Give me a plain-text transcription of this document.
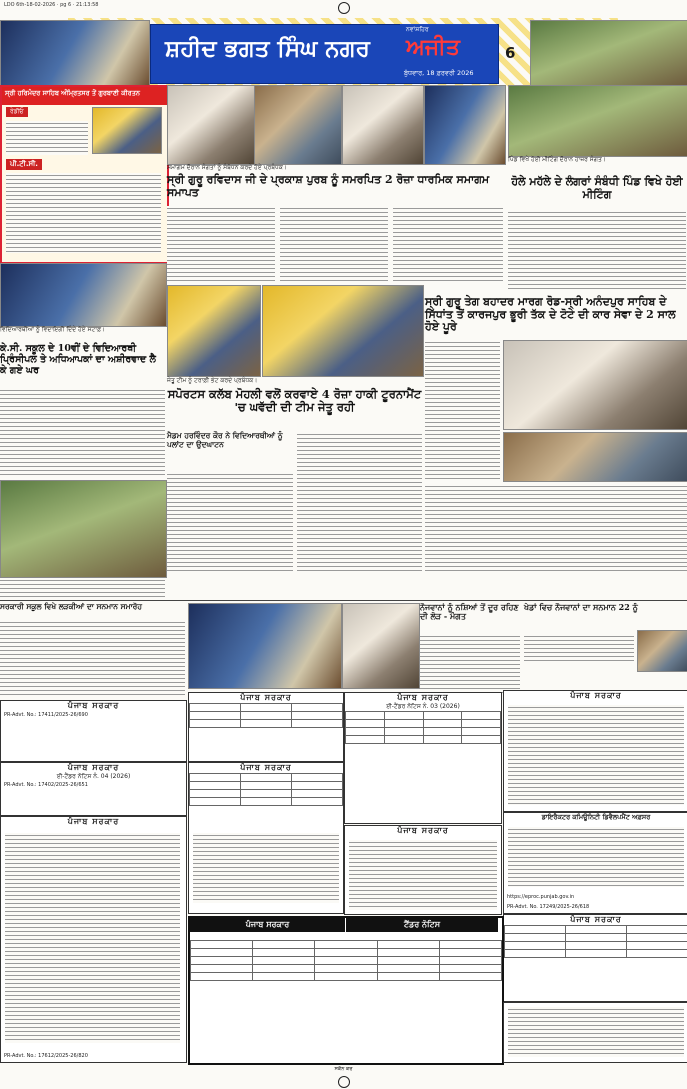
LDO 6th-18-02-2026 · pg 6 · 21:13:58
ਸ਼ਹੀਦ ਭਗਤ ਸਿੰਘ ਨਗਰ
ਨਵਾਂਸ਼ਹਿਰ
ਅਜੀਤ
ਬੁੱਧਵਾਰ, 18 ਫ਼ਰਵਰੀ 2026
6
ਸ੍ਰੀ ਹਰਿਮੰਦਰ ਸਾਹਿਬ ਅੰਮ੍ਰਿਤਸਰ ਤੋਂ ਗੁਰਬਾਣੀ ਕੀਰਤਨ
ਰੇਡੀਓ
ਪੀ.ਟੀ.ਸੀ.	ਸਮਾਗਮ ਦੌਰਾਨ ਸੰਗਤਾਂ ਨੂੰ ਸੰਬੋਧਨ ਕਰਦੇ ਹੋਏ ਪ੍ਰਬੰਧਕ।
ਪਿੰਡ ਵਿਖੇ ਹੋਈ ਮੀਟਿੰਗ ਦੌਰਾਨ ਹਾਜ਼ਰ ਸੰਗਤ।
ਸ੍ਰੀ ਗੁਰੂ ਰਵਿਦਾਸ ਜੀ ਦੇ ਪ੍ਰਕਾਸ਼ ਪੁਰਬ ਨੂੰ ਸਮਰਪਿਤ 2 ਰੋਜ਼ਾ ਧਾਰਮਿਕ ਸਮਾਗਮ ਸਮਾਪਤ
ਹੋਲੇ ਮਹੱਲੇ ਦੇ ਲੰਗਰਾਂ ਸੰਬੰਧੀ ਪਿੰਡ ਵਿਖੇ ਹੋਈ ਮੀਟਿੰਗ
ਵਿਦਿਆਰਥੀਆਂ ਨੂੰ ਵਿਦਾਇਗੀ ਦਿੰਦੇ ਹੋਏ ਸਟਾਫ਼।
ਕੇ.ਸੀ. ਸਕੂਲ ਦੇ 10ਵੀਂ ਦੇ ਵਿਦਿਆਰਥੀ ਪ੍ਰਿੰਸੀਪਲ ਤੇ ਅਧਿਆਪਕਾਂ ਦਾ ਅਸ਼ੀਰਵਾਦ ਲੈ ਕੇ ਗਏ ਘਰ
ਜੇਤੂ ਟੀਮ ਨੂੰ ਟਰਾਫ਼ੀ ਭੇਟ ਕਰਦੇ ਪ੍ਰਬੰਧਕ।
ਸ੍ਰੀ ਗੁਰੂ ਤੇਗ ਬਹਾਦਰ ਮਾਰਗ ਰੋਡ-ਸ੍ਰੀ ਅਨੰਦਪੁਰ ਸਾਹਿਬ ਦੇ ਸਿੱਧਾਂਤ ਤੋਂ ਕਾਰਜਪੁਰ ਭੂਰੀ ਤੱਕ ਦੇ ਟੋਟੇ ਦੀ ਕਾਰ ਸੇਵਾ ਦੇ 2 ਸਾਲ ਹੋਏ ਪੂਰੇ
ਸਪੋਰਟਸ ਕਲੱਬ ਮੋਹਲੀ ਵਲੋਂ ਕਰਵਾਏ 4 ਰੋਜ਼ਾ ਹਾਕੀ ਟੂਰਨਾਮੈਂਟ 'ਚ ਘਵੱਦੀ ਦੀ ਟੀਮ ਜੇਤੂ ਰਹੀ
ਮੈਡਮ ਹਰਵਿੰਦਰ ਕੌਰ ਨੇ ਵਿਦਿਆਰਥੀਆਂ ਨੂੰ ਪਲਾਂਟ ਦਾ ਉਦਘਾਟਨ
ਸਰਕਾਰੀ ਸਕੂਲ ਵਿਖੇ ਲੜਕੀਆਂ ਦਾ ਸਨਮਾਨ ਸਮਾਰੋਹ	ਨੌਜਵਾਨਾਂ ਨੂੰ ਨਸ਼ਿਆਂ ਤੋਂ ਦੂਰ ਰਹਿਣ ਦੀ ਲੋੜ - ਮੰਗਤ
ਖੇਡਾਂ ਵਿਚ ਨੌਜਵਾਨਾਂ ਦਾ ਸਨਮਾਨ 22 ਨੂੰ
ਪੰਜਾਬ ਸਰਕਾਰ
PR-Advt. No.: 17411/2025-26/690
ਪੰਜਾਬ ਸਰਕਾਰ
ਈ-ਟੈਂਡਰ ਨੋਟਿਸ ਨੰ. 04 (2026)
PR-Advt. No.: 17402/2025-26/651
ਪੰਜਾਬ ਸਰਕਾਰ
PR-Advt. No.: 17612/2025-26/820
ਪੰਜਾਬ ਸਰਕਾਰ

ਪੰਜਾਬ ਸਰਕਾਰ

ਪੰਜਾਬ ਸਰਕਾਰ
ਈ-ਟੈਂਡਰ ਨੋਟਿਸ ਨੰ. 03 (2026)

ਪੰਜਾਬ ਸਰਕਾਰ
ਪੰਜਾਬ ਸਰਕਾਰ
ਡਾਇਰੈਕਟਰ ਕਮਿਊਨਿਟੀ ਡਿਵੈਲਪਮੈਂਟ ਅਫ਼ਸਰ
https://eproc.punjab.gov.in
PR-Advt. No. 17249/2025-26/618
ਪੰਜਾਬ ਸਰਕਾਰ

ਪੰਜਾਬ ਸਰਕਾਰ	ਟੈਂਡਰ ਨੋਟਿਸ

ਸਕੈਨ ਕਰੋ
